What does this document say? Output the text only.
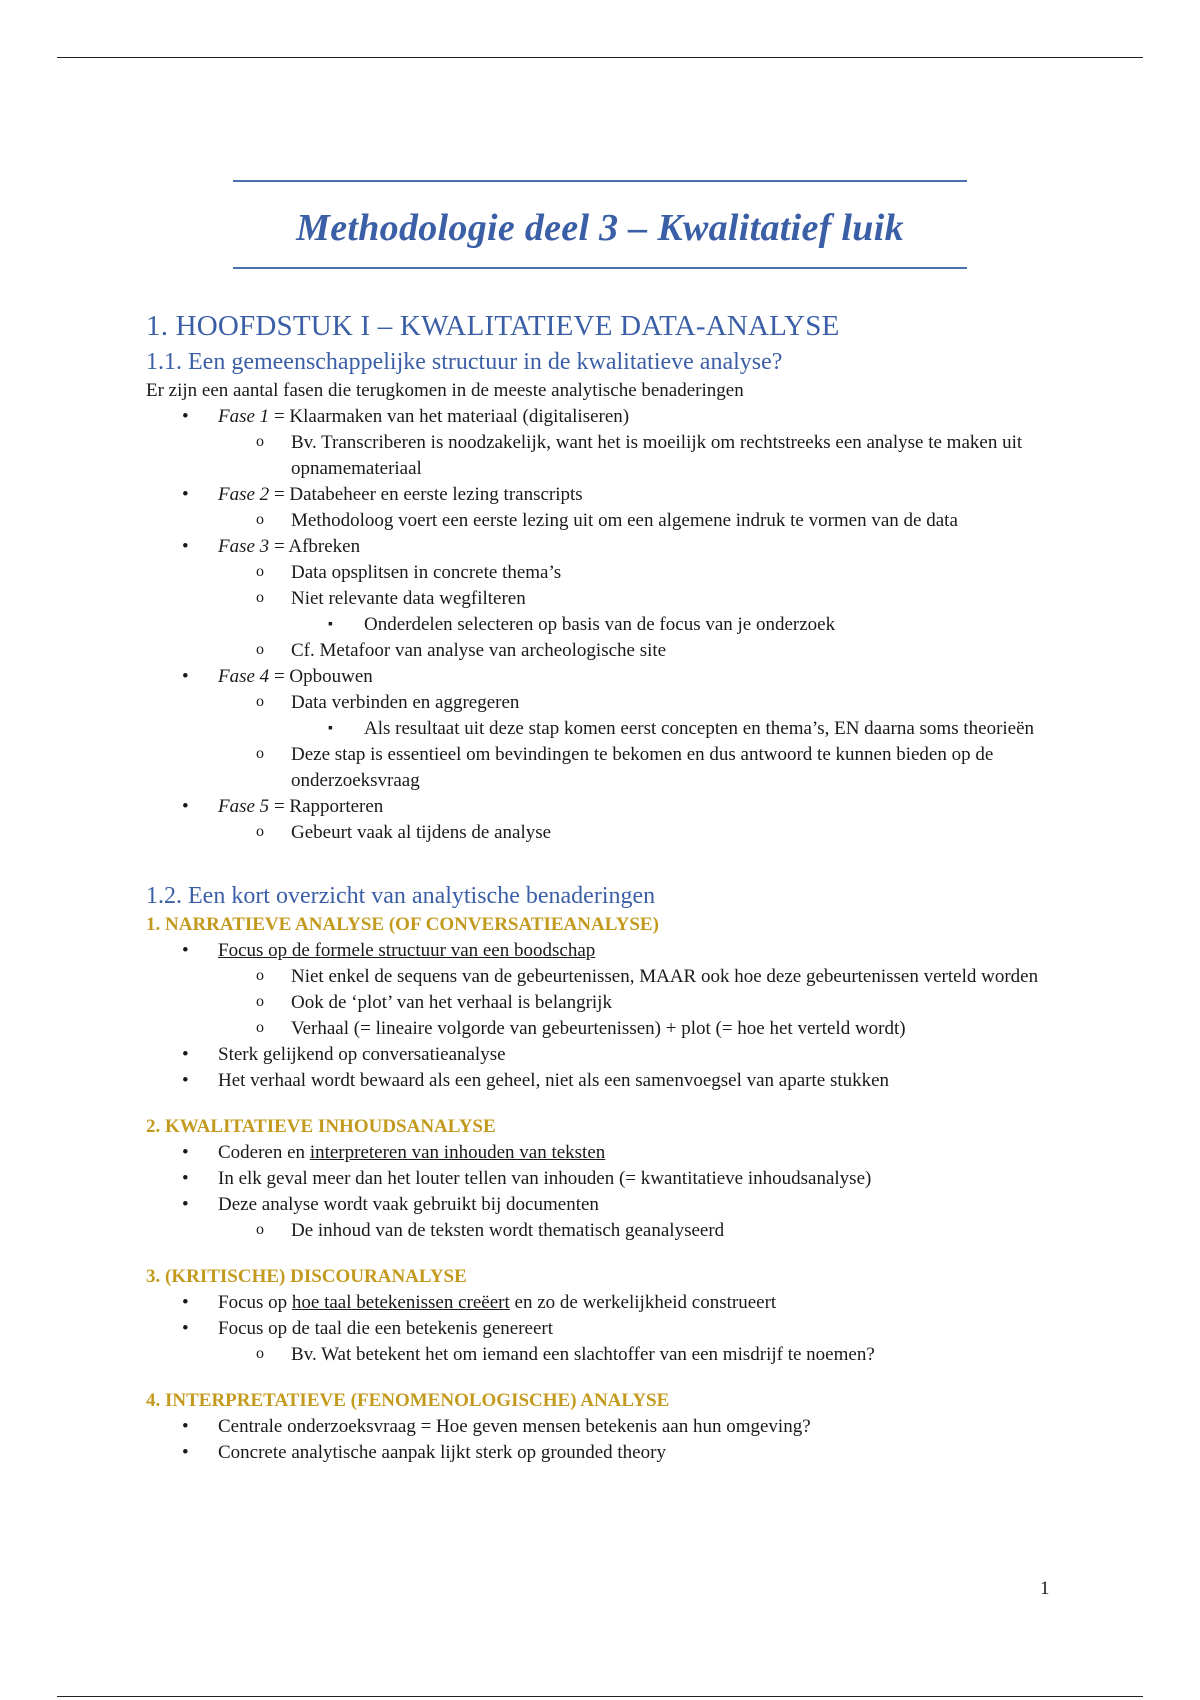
Methodologie deel 3 – Kwalitatief luik
1. HOOFDSTUK I – KWALITATIEVE DATA-ANALYSE
1.1. Een gemeenschappelijke structuur in de kwalitatieve analyse?

Er zijn een aantal fasen die terugkomen in de meeste analytische benaderingen

• Fase 1 = Klaarmaken van het materiaal (digitaliseren)
o Bv. Transcriberen is noodzakelijk, want het is moeilijk om rechtstreeks een analyse te maken uit opnamemateriaal
• Fase 2 = Databeheer en eerste lezing transcripts
o Methodoloog voert een eerste lezing uit om een algemene indruk te vormen van de data
• Fase 3 = Afbreken
o Data opsplitsen in concrete thema’s
o Niet relevante data wegfilteren
▪ Onderdelen selecteren op basis van de focus van je onderzoek
o Cf. Metafoor van analyse van archeologische site
• Fase 4 = Opbouwen
o Data verbinden en aggregeren
▪ Als resultaat uit deze stap komen eerst concepten en thema’s, EN daarna soms theorieën
o Deze stap is essentieel om bevindingen te bekomen en dus antwoord te kunnen bieden op de onderzoeksvraag
• Fase 5 = Rapporteren
o Gebeurt vaak al tijdens de analyse
1.2. Een kort overzicht van analytische benaderingen
1. NARRATIEVE ANALYSE (OF CONVERSATIEANALYSE)
• Focus op de formele structuur van een boodschap
o Niet enkel de sequens van de gebeurtenissen, MAAR ook hoe deze gebeurtenissen verteld worden
o Ook de ‘plot’ van het verhaal is belangrijk
o Verhaal (= lineaire volgorde van gebeurtenissen) + plot (= hoe het verteld wordt)
• Sterk gelijkend op conversatieanalyse
• Het verhaal wordt bewaard als een geheel, niet als een samenvoegsel van aparte stukken
2. KWALITATIEVE INHOUDSANALYSE
• Coderen en interpreteren van inhouden van teksten
• In elk geval meer dan het louter tellen van inhouden (= kwantitatieve inhoudsanalyse)
• Deze analyse wordt vaak gebruikt bij documenten
o De inhoud van de teksten wordt thematisch geanalyseerd
3. (KRITISCHE) DISCOURANALYSE
• Focus op hoe taal betekenissen creëert en zo de werkelijkheid construeert
• Focus op de taal die een betekenis genereert
o Bv. Wat betekent het om iemand een slachtoffer van een misdrijf te noemen?
4. INTERPRETATIEVE (FENOMENOLOGISCHE) ANALYSE
• Centrale onderzoeksvraag = Hoe geven mensen betekenis aan hun omgeving?
• Concrete analytische aanpak lijkt sterk op grounded theory
1
